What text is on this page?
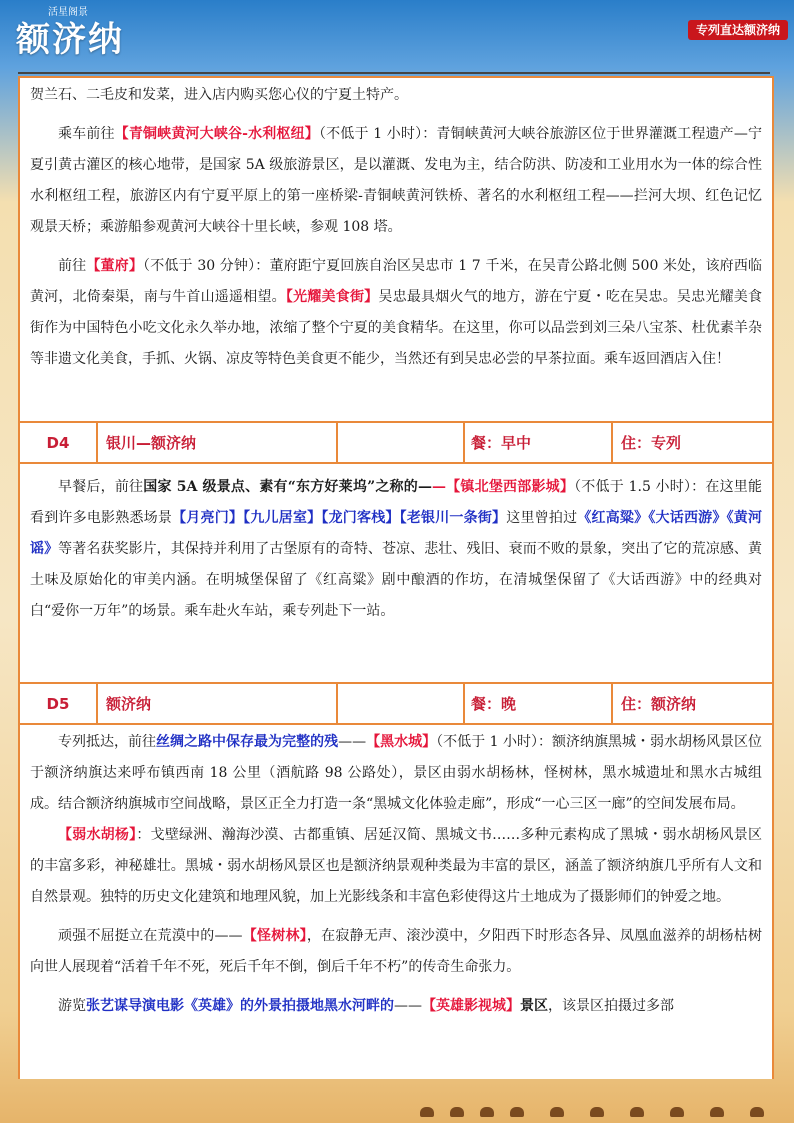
活星阁景
额济纳	专列直达额济纳

贺兰石、二毛皮和发菜，进入店内购买您心仪的宁夏土特产。

乘车前往【青铜峡黄河大峡谷-水利枢纽】（不低于 1 小时）：青铜峡黄河大峡谷旅游区位于世界灌溉工程遗产—宁夏引黄古灌区的核心地带，是国家 5A 级旅游景区，是以灌溉、发电为主，结合防洪、防凌和工业用水为一体的综合性水利枢纽工程，旅游区内有宁夏平原上的第一座桥梁-青铜峡黄河铁桥、著名的水利枢纽工程——拦河大坝、红色记忆观景天桥；乘游船参观黄河大峡谷十里长峡，参观 108 塔。

前往【董府】（不低于 30 分钟）：董府距宁夏回族自治区吴忠市 1 7 千米，在吴青公路北侧 500 米处，该府西临黄河，北倚秦渠，南与牛首山遥遥相望。【光耀美食街】吴忠最具烟火气的地方，游在宁夏・吃在吴忠。吴忠光耀美食街作为中国特色小吃文化永久举办地，浓缩了整个宁夏的美食精华。在这里，你可以品尝到刘三朵八宝茶、杜优素羊杂等非遗文化美食，手抓、火锅、凉皮等特色美食更不能少，当然还有到吴忠必尝的早茶拉面。乘车返回酒店入住！

D4	银川—额济纳	餐：早中	住：专列

早餐后，前往国家 5A 级景点、素有“东方好莱坞”之称的——【镇北堡西部影城】（不低于 1.5 小时）：在这里能看到许多电影熟悉场景【月亮门】【九儿居室】【龙门客栈】【老银川一条街】这里曾拍过《红高粱》《大话西游》《黄河谣》等著名获奖影片，其保持并利用了古堡原有的奇特、苍凉、悲壮、残旧、衰而不败的景象，突出了它的荒凉感、黄土味及原始化的审美内涵。在明城堡保留了《红高粱》剧中酿酒的作坊，在清城堡保留了《大话西游》中的经典对白“爱你一万年”的场景。乘车赴火车站，乘专列赴下一站。

D5	额济纳	餐：晚	住：额济纳

专列抵达，前往丝绸之路中保存最为完整的残——【黑水城】（不低于 1 小时）：额济纳旗黑城・弱水胡杨风景区位于额济纳旗达来呼布镇西南 18 公里（酒航路 98 公路处），景区由弱水胡杨林，怪树林，黑水城遗址和黑水古城组成。结合额济纳旗城市空间战略，景区正全力打造一条“黑城文化体验走廊”，形成“一心三区一廊”的空间发展布局。

【弱水胡杨】：戈壁绿洲、瀚海沙漠、古都重镇、居延汉简、黑城文书……多种元素构成了黑城・弱水胡杨风景区的丰富多彩，神秘雄壮。黑城・弱水胡杨风景区也是额济纳景观种类最为丰富的景区，涵盖了额济纳旗几乎所有人文和自然景观。独特的历史文化建筑和地理风貌，加上光影线条和丰富色彩使得这片土地成为了摄影师们的钟爱之地。

顽强不屈挺立在荒漠中的——【怪树林】，在寂静无声、滚沙漠中，夕阳西下时形态各异、凤凰血滋养的胡杨枯树向世人展现着“活着千年不死，死后千年不倒，倒后千年不朽”的传奇生命张力。

游览张艺谋导演电影《英雄》的外景拍摄地黑水河畔的——【英雄影视城】景区，该景区拍摄过多部
